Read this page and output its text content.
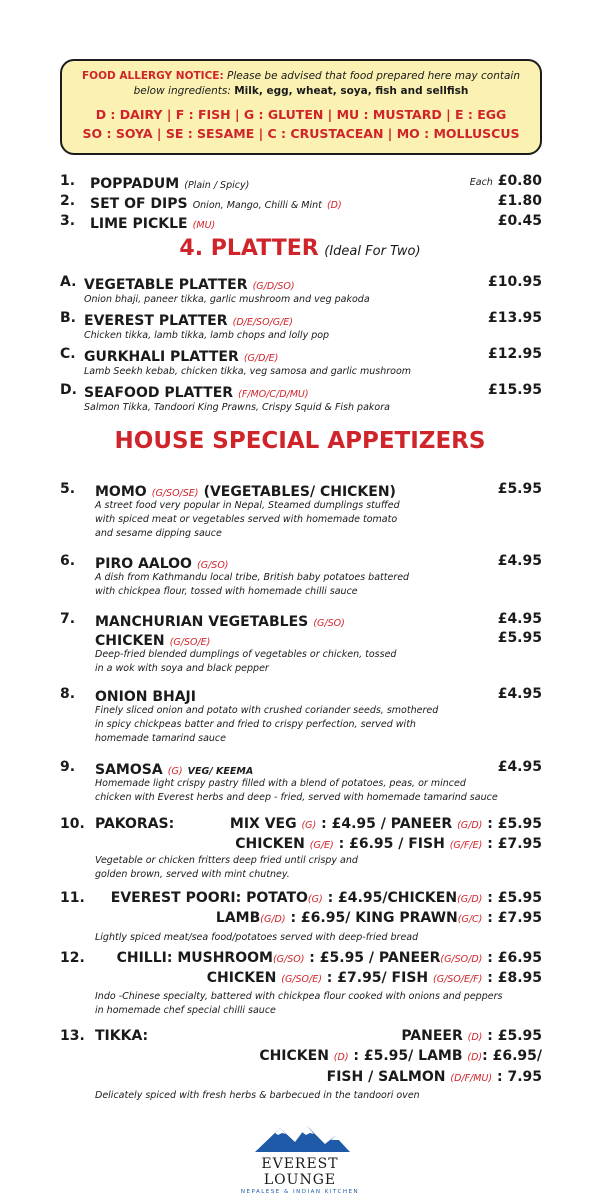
FOOD ALLERGY NOTICE: Please be advised that food prepared here may contain below ingredients: Milk, egg, wheat, soya, fish and sellfish
D : DAIRY | F : FISH | G : GLUTEN | MU : MUSTARD | E : EGG
SO : SOYA | SE : SESAME | C : CRUSTACEAN | MO : MOLLUSCUS
1. POPPADUM (Plain / Spicy)	Each £0.80
2. SET OF DIPS Onion, Mango, Chilli & Mint (D)	£1.80
3. LIME PICKLE (MU)	£0.45
4. PLATTER (Ideal For Two)
A. VEGETABLE PLATTER (G/D/SO)	£10.95
Onion bhaji, paneer tikka, garlic mushroom and veg pakoda
B. EVEREST PLATTER (D/E/SO/G/E)	£13.95
Chicken tikka, lamb tikka, lamb chops and lolly pop
C. GURKHALI PLATTER (G/D/E)	£12.95
Lamb Seekh kebab, chicken tikka, veg samosa and garlic mushroom
D. SEAFOOD PLATTER (F/MO/C/D/MU)	£15.95
Salmon Tikka, Tandoori King Prawns, Crispy Squid & Fish pakora
HOUSE SPECIAL APPETIZERS
5. MOMO (G/SO/SE) (VEGETABLES/ CHICKEN)	£5.95
A street food very popular in Nepal, Steamed dumplings stuffed
with spiced meat or vegetables served with homemade tomato
and sesame dipping sauce
6. PIRO AALOO (G/SO)	£4.95
A dish from Kathmandu local tribe, British baby potatoes battered
with chickpea flour, tossed with homemade chilli sauce
7. MANCHURIAN VEGETABLES (G/SO)	£4.95
CHICKEN (G/SO/E)	£5.95
Deep-fried blended dumplings of vegetables or chicken, tossed
in a wok with soya and black pepper
8. ONION BHAJI	£4.95
Finely sliced onion and potato with crushed coriander seeds, smothered
in spicy chickpeas batter and fried to crispy perfection, served with
homemade tamarind sauce
9. SAMOSA (G) VEG/ KEEMA	£4.95
Homemade light crispy pastry filled with a blend of potatoes, peas, or minced
chicken with Everest herbs and deep - fried, served with homemade tamarind sauce
10. PAKORAS:	MIX VEG (G) : £4.95 / PANEER (G/D) : £5.95
CHICKEN (G/E) : £6.95 / FISH (G/F/E) : £7.95
Vegetable or chicken fritters deep fried until crispy and
golden brown, served with mint chutney.
11. EVEREST POORI: POTATO(G) : £4.95/CHICKEN(G/D) : £5.95
LAMB(G/D) : £6.95/ KING PRAWN(G/C) : £7.95
Lightly spiced meat/sea food/potatoes served with deep-fried bread
12. CHILLI: MUSHROOM(G/SO) : £5.95 / PANEER(G/SO/D) : £6.95
CHICKEN (G/SO/E) : £7.95/ FISH (G/SO/E/F) : £8.95
Indo -Chinese specialty, battered with chickpea flour cooked with onions and peppers
in homemade chef special chilli sauce
13. TIKKA:	PANEER (D) : £5.95
CHICKEN (D) : £5.95/ LAMB (D): £6.95/
FISH / SALMON (D/F/MU) : 7.95
Delicately spiced with fresh herbs & barbecued in the tandoori oven
EVEREST LOUNGE
NEPALESE & INDIAN KITCHEN
